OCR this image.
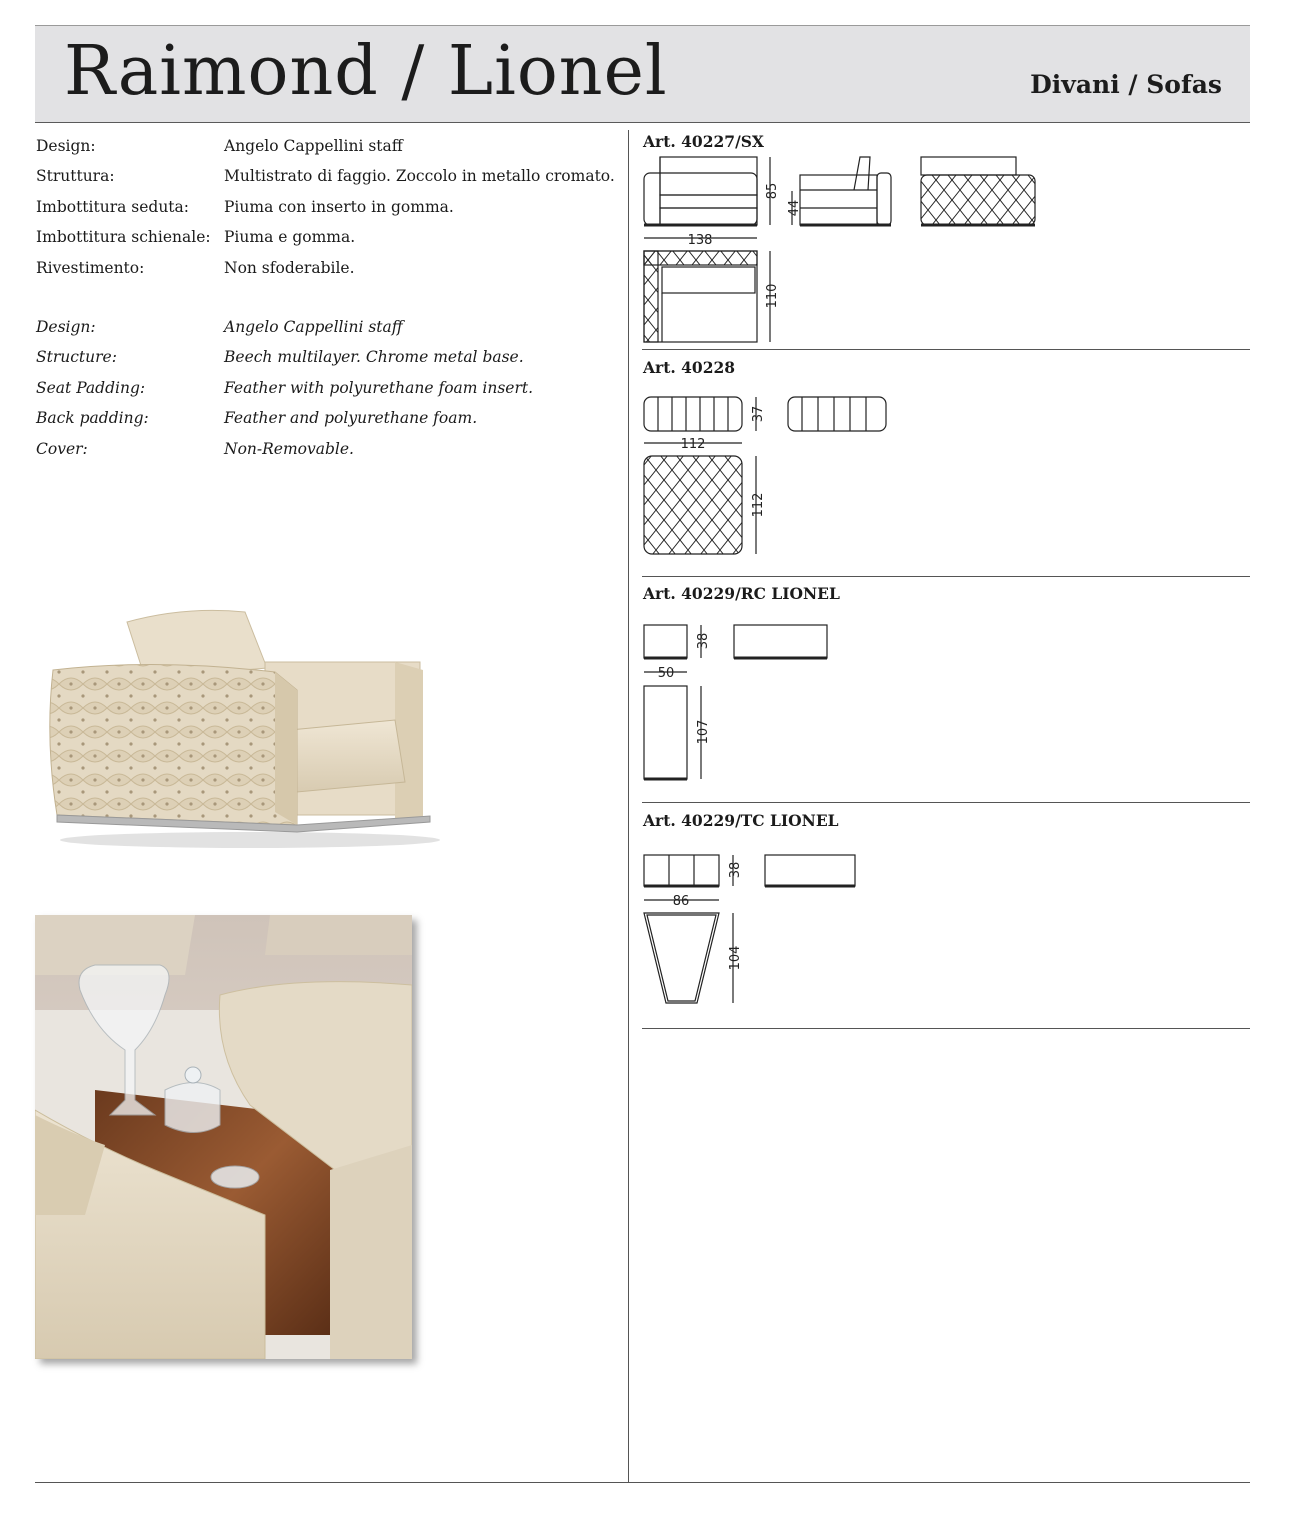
Raimond / Lionel	Divani / Sofas
Design:	Angelo Cappellini staff
Struttura:	Multistrato di faggio. Zoccolo in metallo cromato.
Imbottitura seduta:	Piuma con inserto in gomma.
Imbottitura schienale: Piuma e gomma.
Rivestimento:	Non sfoderabile.
Design:	Angelo Cappellini staff
Structure:	Beech multilayer. Chrome metal base.
Seat Padding:	Feather with polyurethane foam insert.
Back padding:	Feather and polyurethane foam.
Cover:	Non-Removable.
Art. 40227/SX
Art. 40228
Art. 40229/RC LIONEL
Art. 40229/TC LIONEL
138
85
44
110
112
37
112
50
38
107
86
38
104
